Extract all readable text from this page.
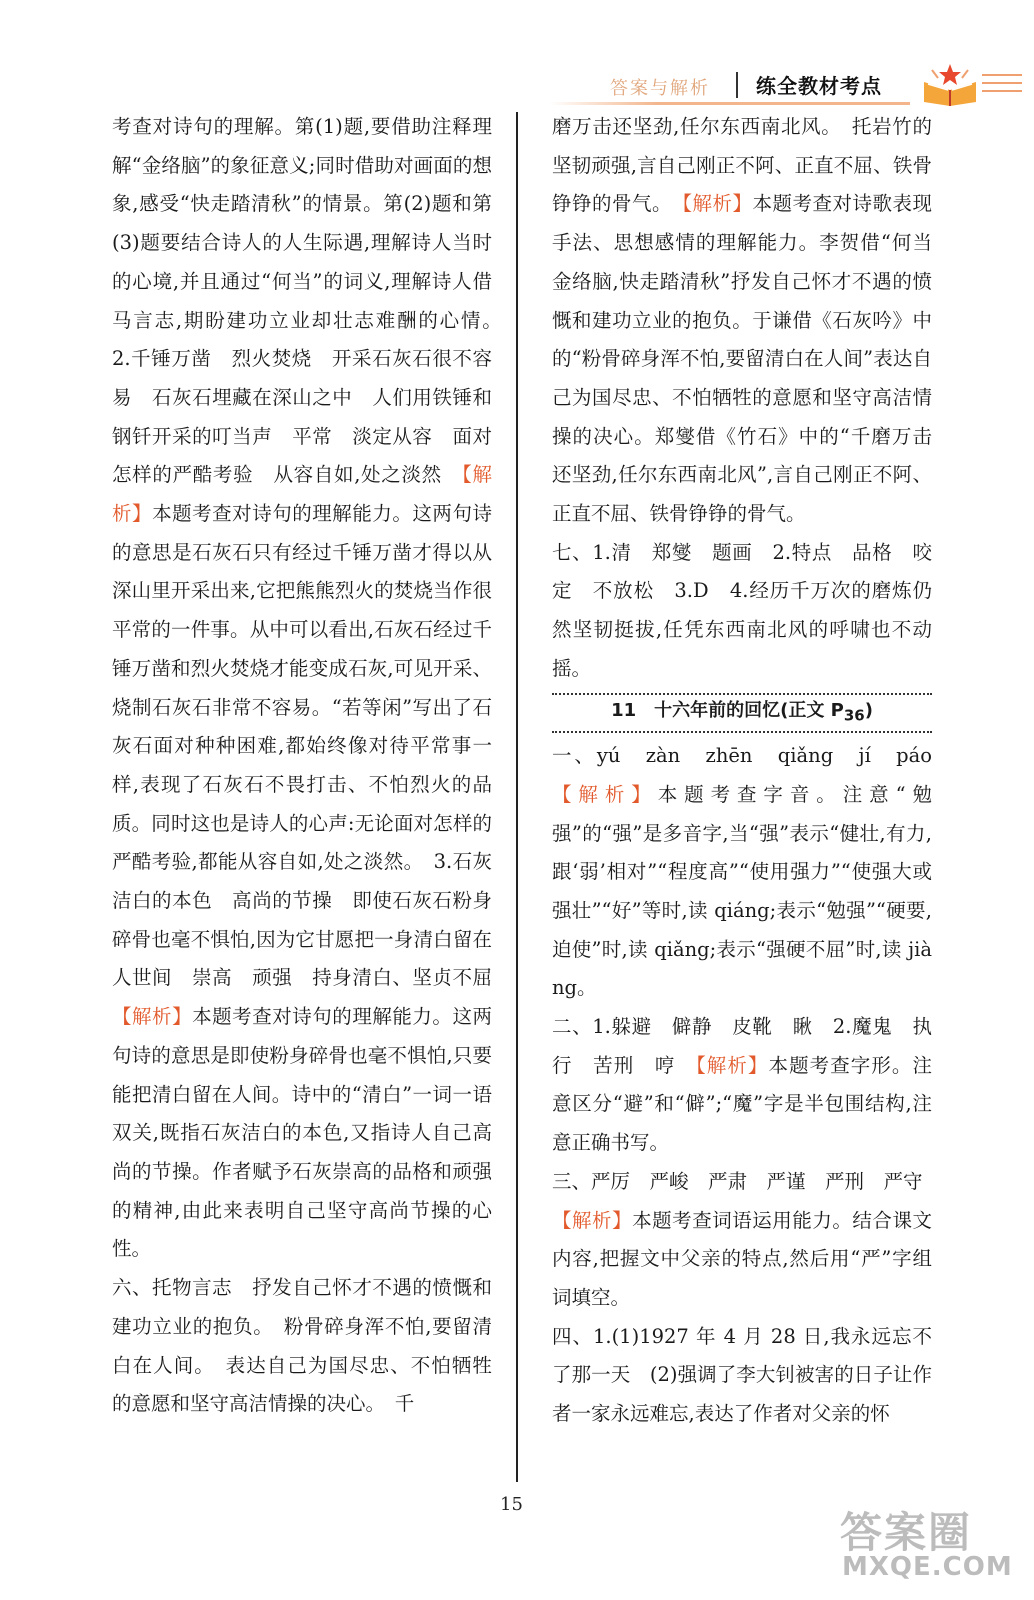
答案与解析 练全教材考点
考查对诗句的理解。第(1)题,要借助注释理解“金络脑”的象征意义;同时借助对画面的想象,感受“快走踏清秋”的情景。第(2)题和第(3)题要结合诗人的人生际遇,理解诗人当时的心境,并且通过“何当”的词义,理解诗人借马言志,期盼建功立业却壮志难酬的心情。　2.千锤万凿　烈火焚烧　开采石灰石很不容易　石灰石埋藏在深山之中　人们用铁锤和钢钎开采的叮当声　平常　淡定从容　面对怎样的严酷考验　从容自如,处之淡然　【解析】本题考查对诗句的理解能力。这两句诗的意思是石灰石只有经过千锤万凿才得以从深山里开采出来,它把熊熊烈火的焚烧当作很平常的一件事。从中可以看出,石灰石经过千锤万凿和烈火焚烧才能变成石灰,可见开采、烧制石灰石非常不容易。“若等闲”写出了石灰石面对种种困难,都始终像对待平常事一样,表现了石灰石不畏打击、不怕烈火的品质。同时这也是诗人的心声:无论面对怎样的严酷考验,都能从容自如,处之淡然。　3.石灰洁白的本色　高尚的节操　即使石灰石粉身碎骨也毫不惧怕,因为它甘愿把一身清白留在人世间　崇高　顽强　持身清白、坚贞不屈　【解析】本题考查对诗句的理解能力。这两句诗的意思是即使粉身碎骨也毫不惧怕,只要能把清白留在人间。诗中的“清白”一词一语双关,既指石灰洁白的本色,又指诗人自己高尚的节操。作者赋予石灰崇高的品格和顽强的精神,由此来表明自己坚守高尚节操的心性。
六、托物言志　抒发自己怀才不遇的愤慨和建功立业的抱负。　粉骨碎身浑不怕,要留清白在人间。　表达自己为国尽忠、不怕牺牲的意愿和坚守高洁情操的决心。　千
磨万击还坚劲,任尔东西南北风。　托岩竹的坚韧顽强,言自己刚正不阿、正直不屈、铁骨铮铮的骨气。　【解析】本题考查对诗歌表现手法、思想感情的理解能力。李贺借“何当金络脑,快走踏清秋”抒发自己怀才不遇的愤慨和建功立业的抱负。于谦借《石灰吟》中的“粉骨碎身浑不怕,要留清白在人间”表达自己为国尽忠、不怕牺牲的意愿和坚守高洁情操的决心。郑燮借《竹石》中的“千磨万击还坚劲,任尔东西南北风”,言自己刚正不阿、正直不屈、铁骨铮铮的骨气。
七、1.清　郑燮　题画　2.特点　品格　咬定　不放松　3.D　4.经历千万次的磨炼仍然坚韧挺拔,任凭东西南北风的呼啸也不动摇。
11　十六年前的回忆(正文 $P_{36}$)
一、yú　zàn　zhēn　qiǎng　jí　páo　【解析】本题考查字音。注意“勉强”的“强”是多音字,当“强”表示“健壮,有力,跟‘弱’相对”“程度高”“使用强力”“使强大或强壮”“好”等时,读 qiáng;表示“勉强”“硬要,迫使”时,读 qiǎng;表示“强硬不屈”时,读 jiàng。
二、1.躲避　僻静　皮靴　瞅　2.魔鬼　执行　苦刑　哼　【解析】本题考查字形。注意区分“避”和“僻”;“魔”字是半包围结构,注意正确书写。
三、严厉　严峻　严肃　严谨　严刑　严守
【解析】本题考查词语运用能力。结合课文内容,把握文中父亲的特点,然后用“严”字组词填空。
四、1.(1)1927 年 4 月 28 日,我永远忘不了那一天　(2)强调了李大钊被害的日子让作者一家永远难忘,表达了作者对父亲的怀
15
答案圈
MXQE.COM
